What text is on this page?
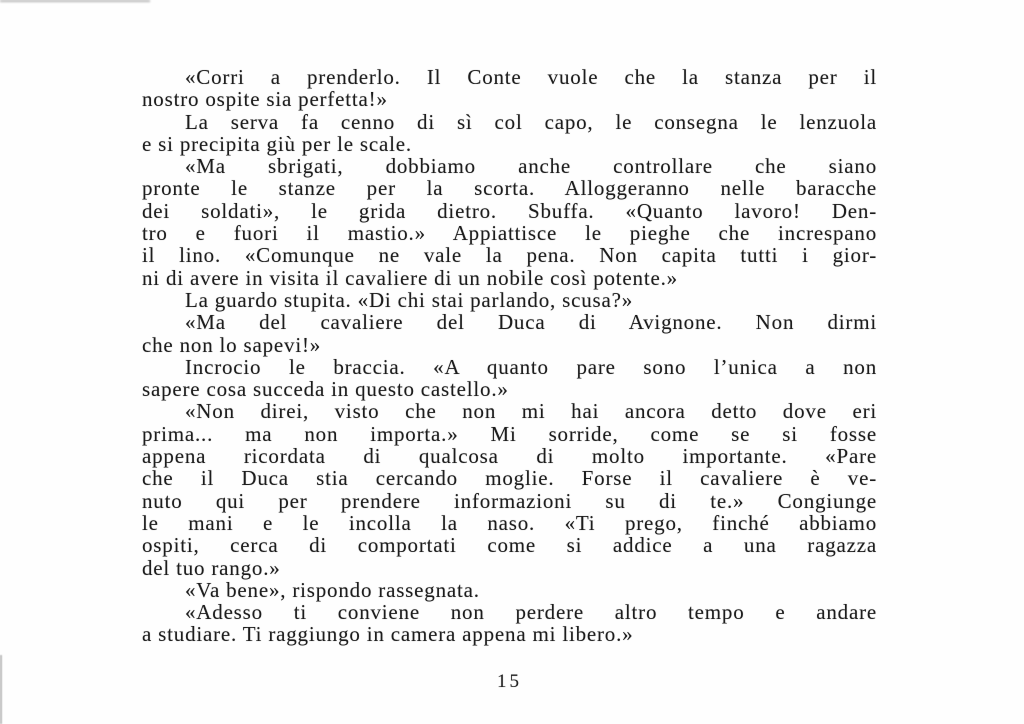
«Corri a prenderlo. Il Conte vuole che la stanza per il
nostro ospite sia perfetta!»
La serva fa cenno di sì col capo, le consegna le lenzuola
e si precipita giù per le scale.
«Ma sbrigati, dobbiamo anche controllare che siano
pronte le stanze per la scorta. Alloggeranno nelle baracche
dei soldati», le grida dietro. Sbuffa. «Quanto lavoro! Den-
tro e fuori il mastio.» Appiattisce le pieghe che increspano
il lino. «Comunque ne vale la pena. Non capita tutti i gior-
ni di avere in visita il cavaliere di un nobile così potente.»
La guardo stupita. «Di chi stai parlando, scusa?»
«Ma del cavaliere del Duca di Avignone. Non dirmi
che non lo sapevi!»
Incrocio le braccia. «A quanto pare sono l’unica a non
sapere cosa succeda in questo castello.»
«Non direi, visto che non mi hai ancora detto dove eri
prima... ma non importa.» Mi sorride, come se si fosse
appena ricordata di qualcosa di molto importante. «Pare
che il Duca stia cercando moglie. Forse il cavaliere è ve-
nuto qui per prendere informazioni su di te.» Congiunge
le mani e le incolla la naso. «Ti prego, finché abbiamo
ospiti, cerca di comportati come si addice a una ragazza
del tuo rango.»
«Va bene», rispondo rassegnata.
«Adesso ti conviene non perdere altro tempo e andare
a studiare. Ti raggiungo in camera appena mi libero.»
15
